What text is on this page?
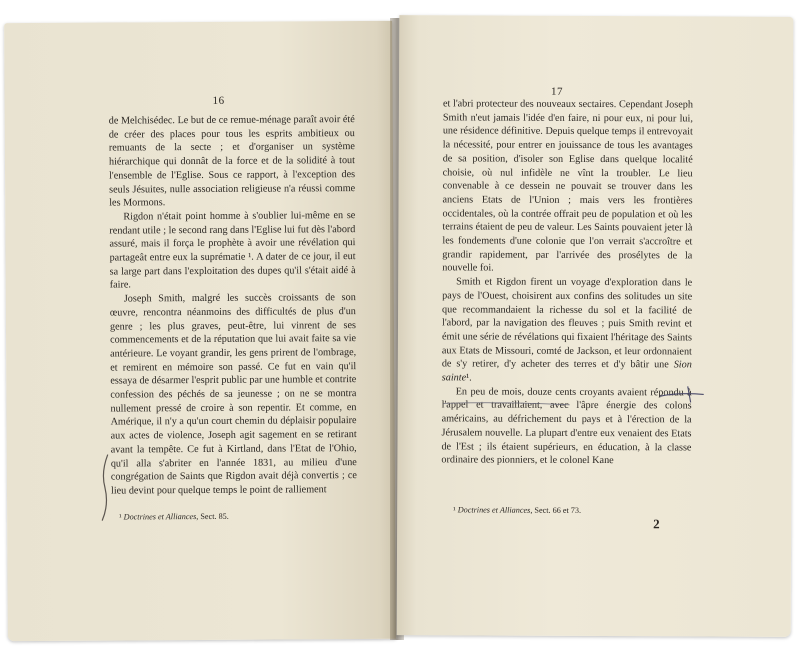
16

de Melchisédec. Le but de ce remue-ménage paraît avoir été de créer des places pour tous les esprits ambitieux ou remuants de la secte ; et d'organiser un système hiérarchique qui donnât de la force et de la solidité à tout l'ensemble de l'Eglise. Sous ce rapport, à l'exception des seuls Jésuites, nulle association religieuse n'a réussi comme les Mormons.

Rigdon n'était point homme à s'oublier lui-même en se rendant utile ; le second rang dans l'Eglise lui fut dès l'abord assuré, mais il força le prophète à avoir une révélation qui partageât entre eux la suprématie ¹. A dater de ce jour, il eut sa large part dans l'exploitation des dupes qu'il s'était aidé à faire.

Joseph Smith, malgré les succès croissants de son œuvre, rencontra néanmoins des difficultés de plus d'un genre ; les plus graves, peut-être, lui vinrent de ses commencements et de la réputation que lui avait faite sa vie antérieure. Le voyant grandir, les gens prirent de l'ombrage, et remirent en mémoire son passé. Ce fut en vain qu'il essaya de désarmer l'esprit public par une humble et contrite confession des péchés de sa jeunesse ; on ne se montra nullement pressé de croire à son repentir. Et comme, en Amérique, il n'y a qu'un court chemin du déplaisir populaire aux actes de violence, Joseph agit sagement en se retirant avant la tempête. Ce fut à Kirtland, dans l'Etat de l'Ohio, qu'il alla s'abriter en l'année 1831, au milieu d'une congrégation de Saints que Rigdon avait déjà convertis ; ce lieu devint pour quelque temps le point de ralliement

¹ Doctrines et Alliances, Sect. 85.
17

et l'abri protecteur des nouveaux sectaires. Cependant Joseph Smith n'eut jamais l'idée d'en faire, ni pour eux, ni pour lui, une résidence définitive. Depuis quelque temps il entrevoyait la nécessité, pour entrer en jouissance de tous les avantages de sa position, d'isoler son Eglise dans quelque localité choisie, où nul infidèle ne vînt la troubler. Le lieu convenable à ce dessein ne pouvait se trouver dans les anciens Etats de l'Union ; mais vers les frontières occidentales, où la contrée offrait peu de population et où les terrains étaient de peu de valeur. Les Saints pouvaient jeter là les fondements d'une colonie que l'on verrait s'accroître et grandir rapidement, par l'arrivée des prosélytes de la nouvelle foi.

Smith et Rigdon firent un voyage d'exploration dans le pays de l'Ouest, choisirent aux confins des solitudes un site que recommandaient la richesse du sol et la facilité de l'abord, par la navigation des fleuves ; puis Smith revint et émit une série de révélations qui fixaient l'héritage des Saints aux Etats de Missouri, comté de Jackson, et leur ordonnaient de s'y retirer, d'y acheter des terres et d'y bâtir une Sion sainte¹.

En peu de mois, douze cents croyants avaient répondu à l'appel et travaillaient, avec l'âpre énergie des colons américains, au défrichement du pays et à l'érection de la Jérusalem nouvelle. La plupart d'entre eux venaient des Etats de l'Est ; ils étaient supérieurs, en éducation, à la classe ordinaire des pionniers, et le colonel Kane

¹ Doctrines et Alliances, Sect. 66 et 73.
2
